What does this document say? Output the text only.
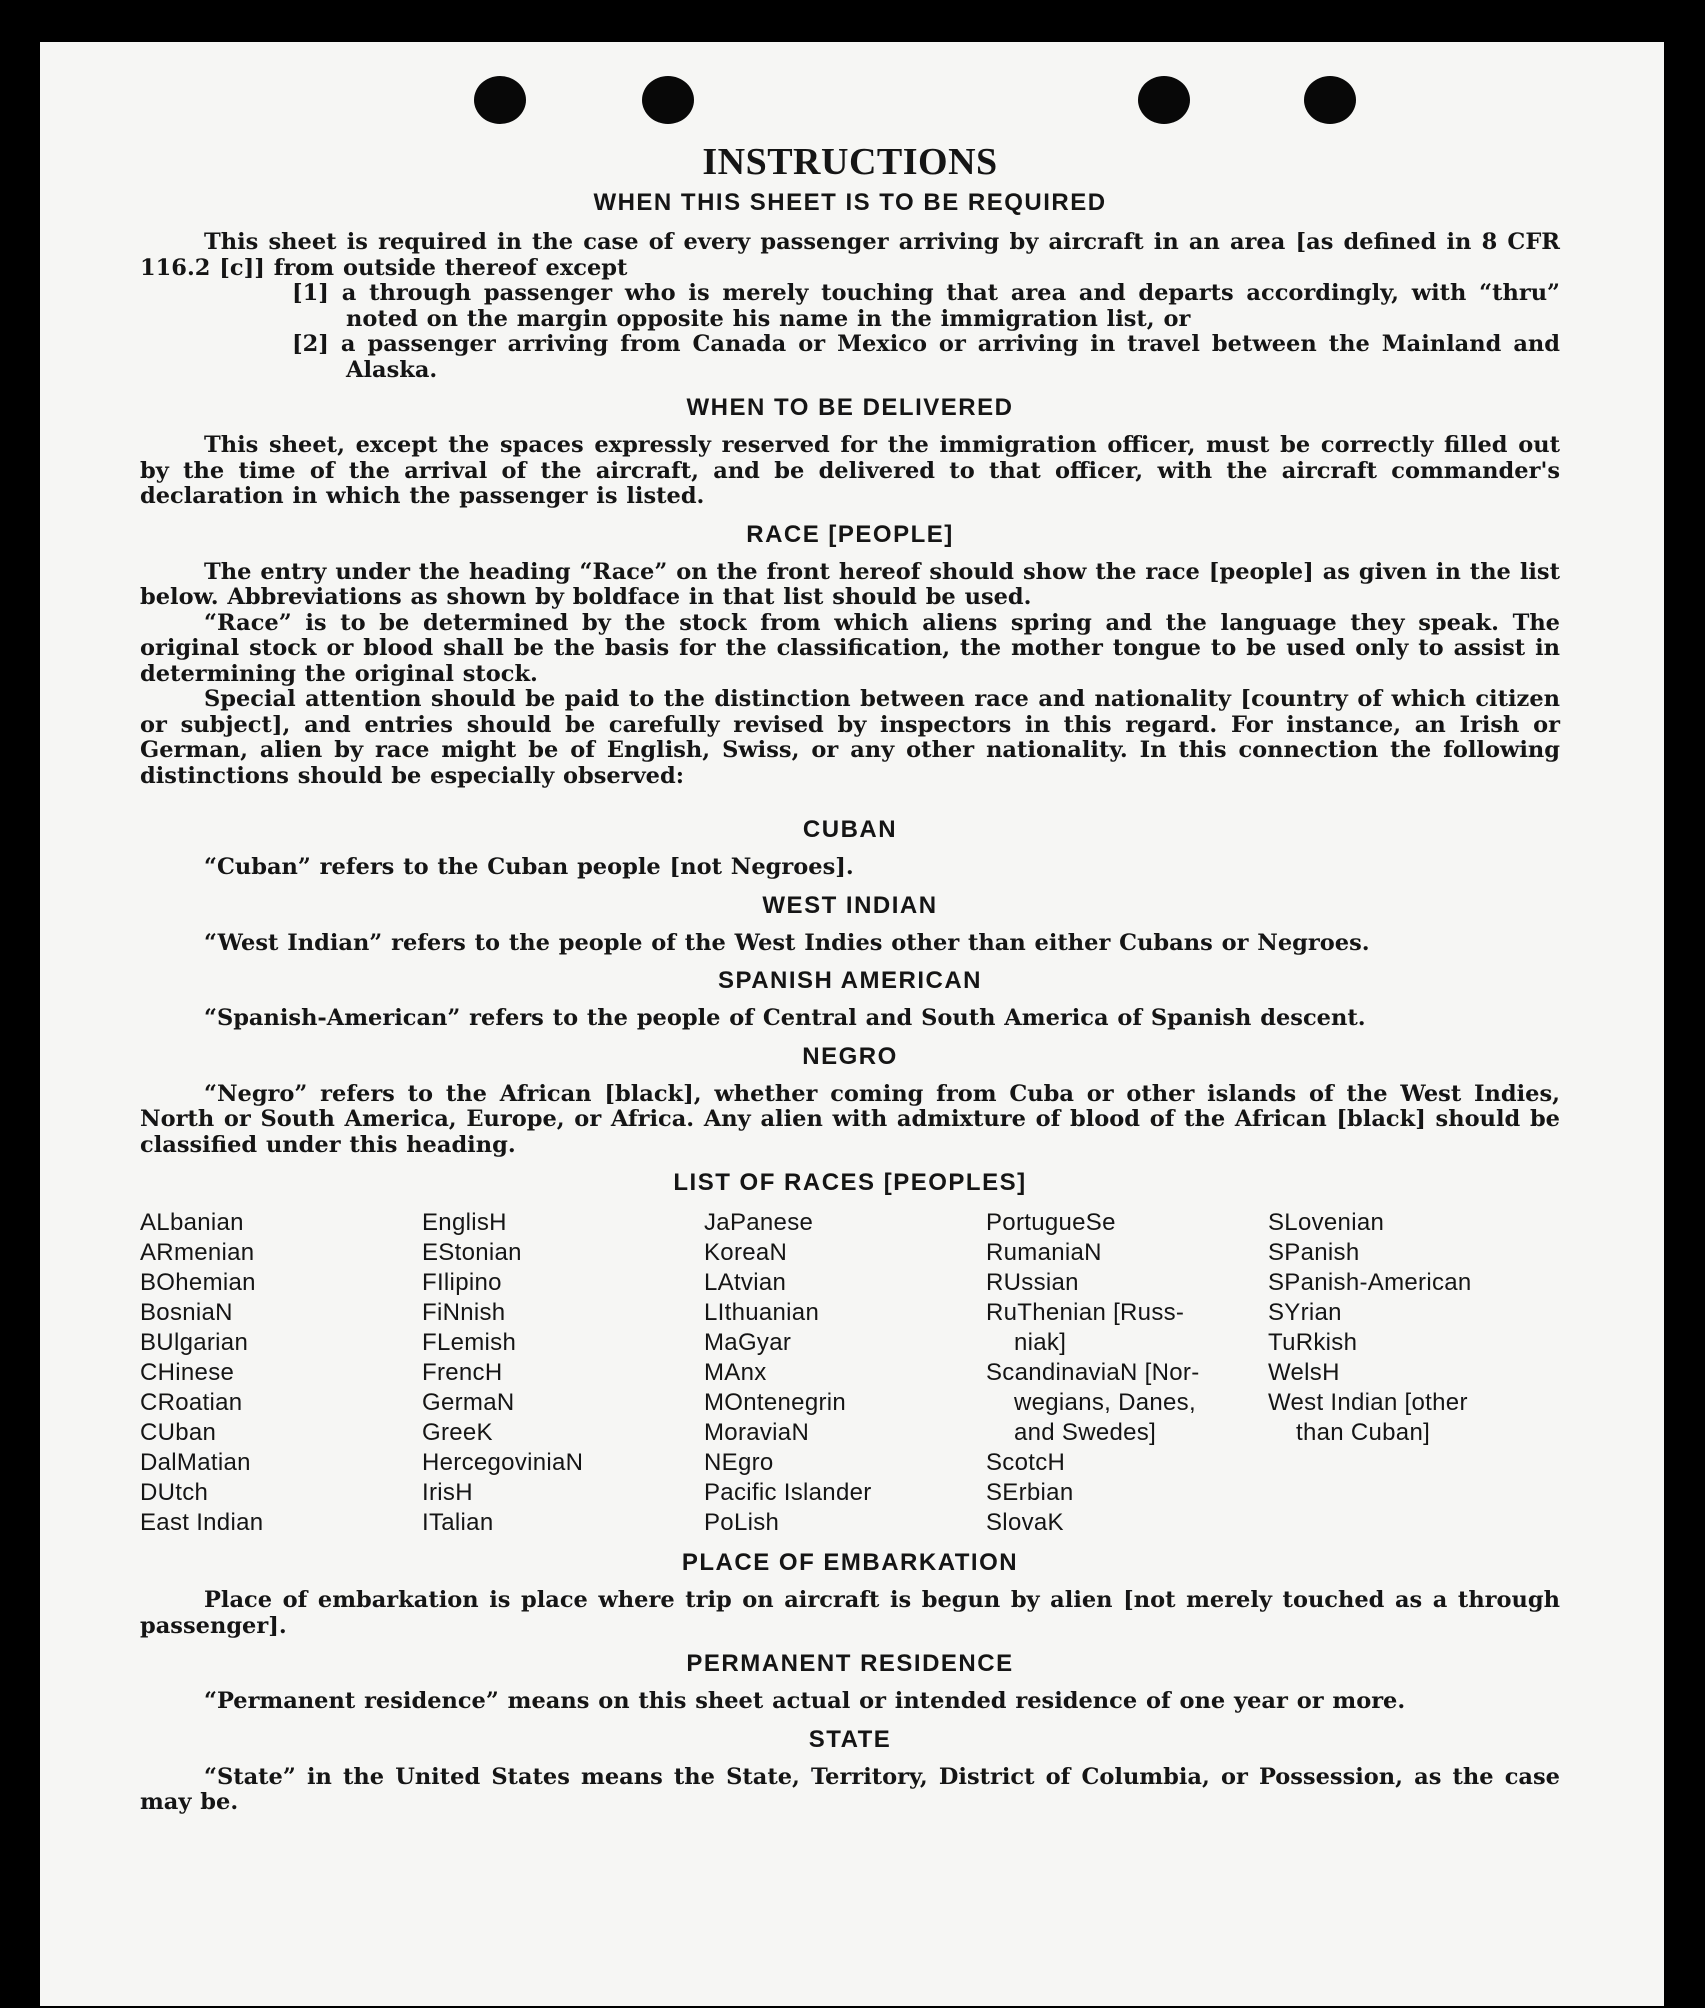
INSTRUCTIONS
WHEN THIS SHEET IS TO BE REQUIRED

This sheet is required in the case of every passenger arriving by aircraft in an area [as defined in 8 CFR 116.2 [c]] from outside thereof except

[1] a through passenger who is merely touching that area and departs accordingly, with “thru” noted on the margin opposite his name in the immigration list, or

[2] a passenger arriving from Canada or Mexico or arriving in travel between the Mainland and Alaska.

WHEN TO BE DELIVERED

This sheet, except the spaces expressly reserved for the immigration officer, must be correctly filled out by the time of the arrival of the aircraft, and be delivered to that officer, with the aircraft commander's declaration in which the passenger is listed.

RACE [PEOPLE]

The entry under the heading “Race” on the front hereof should show the race [people] as given in the list below. Abbreviations as shown by boldface in that list should be used.

“Race” is to be determined by the stock from which aliens spring and the language they speak. The original stock or blood shall be the basis for the classification, the mother tongue to be used only to assist in determining the original stock.

Special attention should be paid to the distinction between race and nationality [country of which citizen or subject], and entries should be carefully revised by inspectors in this regard. For instance, an Irish or German, alien by race might be of English, Swiss, or any other nationality. In this connection the following distinctions should be especially observed:

CUBAN

“Cuban” refers to the Cuban people [not Negroes].

WEST INDIAN

“West Indian” refers to the people of the West Indies other than either Cubans or Negroes.

SPANISH AMERICAN

“Spanish-American” refers to the people of Central and South America of Spanish descent.

NEGRO

“Negro” refers to the African [black], whether coming from Cuba or other islands of the West Indies, North or South America, Europe, or Africa. Any alien with admixture of blood of the African [black] should be classified under this heading.

LIST OF RACES [PEOPLES]
ALbanian
ARmenian
BOhemian
BosniaN
BUlgarian
CHinese
CRoatian
CUban
DalMatian
DUtch
East Indian
EnglisH
EStonian
FIlipino
FiNnish
FLemish
FrencH
GermaN
GreeK
HercegoviniaN
IrisH
ITalian
JaPanese
KoreaN
LAtvian
LIthuanian
MaGyar
MAnx
MOntenegrin
MoraviaN
NEgro
Pacific Islander
PoLish
PortugueSe
RumaniaN
RUssian
RuThenian [Russ-
niak]
ScandinaviaN [Nor-
wegians, Danes,
and Swedes]
ScotcH
SErbian
SlovaK
SLovenian
SPanish
SPanish-American
SYrian
TuRkish
WelsH
West Indian [other
than Cuban]
PLACE OF EMBARKATION

Place of embarkation is place where trip on aircraft is begun by alien [not merely touched as a through passenger].

PERMANENT RESIDENCE

“Permanent residence” means on this sheet actual or intended residence of one year or more.

STATE

“State” in the United States means the State, Territory, District of Columbia, or Possession, as the case may be.
